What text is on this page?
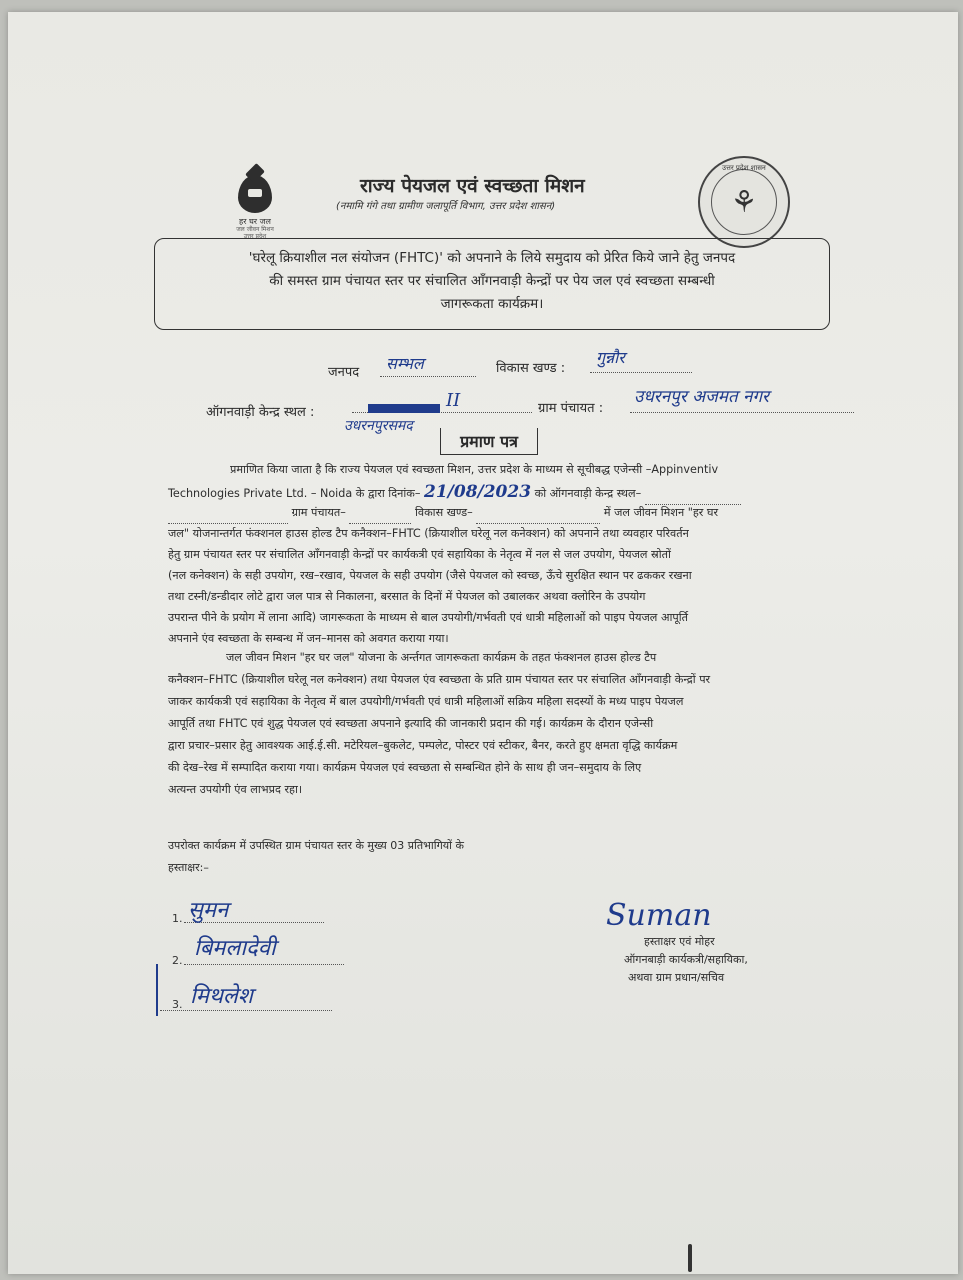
हर घर जल
जल जीवन मिशन
उत्तर प्रदेश
उत्तर प्रदेश शासन
⚘
राज्य पेयजल एवं स्वच्छता मिशन
(नमामि गंगे तथा ग्रामीण जलापूर्ति विभाग, उत्तर प्रदेश शासन)
'घरेलू क्रियाशील नल संयोजन (FHTC)' को अपनाने के लिये समुदाय को प्रेरित किये जाने हेतु जनपद
की समस्त ग्राम पंचायत स्तर पर संचालित आँगनवाड़ी केन्द्रों पर पेय जल एवं स्वच्छता सम्बन्धी
जागरूकता कार्यक्रम।
जनपद सम्भल	विकास खण्ड :
गुन्नौर
ऑगनवाड़ी केन्द्र स्थल :
II
उधरनपुरसमद
ग्राम पंचायत :
उधरनपुर अजमत नगर
प्रमाण पत्र
प्रमाणित किया जाता है कि राज्य पेयजल एवं स्वच्छता मिशन, उत्तर प्रदेश के माध्यम से सूचीबद्ध एजेन्सी –Appinventiv
Technologies Private Ltd. – Noida के द्वारा दिनांक– 21/08/2023 को ऑगनवाड़ी केन्द्र स्थल–
ग्राम पंचायत–	विकास खण्ड–	में जल जीवन मिशन "हर घर
जल" योजनान्तर्गत फंक्शनल हाउस होल्ड टैप कनैक्शन–FHTC (क्रियाशील घरेलू नल कनेक्शन) को अपनाने तथा व्यवहार परिवर्तन
हेतु ग्राम पंचायत स्तर पर संचालित आँगनवाड़ी केन्द्रों पर कार्यकत्री एवं सहायिका के नेतृत्व में नल से जल उपयोग, पेयजल स्रोतों
(नल कनेक्शन) के सही उपयोग, रख–रखाव, पेयजल के सही उपयोग (जैसे पेयजल को स्वच्छ, ऊँचे सुरक्षित स्थान पर ढककर रखना
तथा टस्नी/डन्डीदार लोटे द्वारा जल पात्र से निकालना, बरसात के दिनों में पेयजल को उबालकर अथवा क्लोरिन के उपयोग
उपरान्त पीने के प्रयोग में लाना आदि) जागरूकता के माध्यम से बाल उपयोगी/गर्भवती एवं धात्री महिलाओं को पाइप पेयजल आपूर्ति
अपनाने एंव स्वच्छता के सम्बन्ध में जन–मानस को अवगत कराया गया।
जल जीवन मिशन "हर घर जल" योजना के अर्न्तगत जागरूकता कार्यक्रम के तहत फंक्शनल हाउस होल्ड टैप
कनैक्शन–FHTC (क्रियाशील घरेलू नल कनेक्शन) तथा पेयजल एंव स्वच्छता के प्रति ग्राम पंचायत स्तर पर संचालित आँगनवाड़ी केन्द्रों पर
जाकर कार्यकत्री एवं सहायिका के नेतृत्व में बाल उपयोगी/गर्भवती एवं धात्री महिलाओं सक्रिय महिला सदस्यों के मध्य पाइप पेयजल
आपूर्ति तथा FHTC एवं शुद्ध पेयजल एवं स्वच्छता अपनाने इत्यादि की जानकारी प्रदान की गई। कार्यक्रम के दौरान एजेन्सी
द्वारा प्रचार–प्रसार हेतु आवश्यक आई.ई.सी. मटेरियल–बुकलेट, पम्पलेट, पोस्टर एवं स्टीकर, बैनर, करते हुए क्षमता वृद्धि कार्यक्रम
की देख–रेख में सम्पादित कराया गया। कार्यक्रम पेयजल एवं स्वच्छता से सम्बन्धित होने के साथ ही जन–समुदाय के लिए
अत्यन्त उपयोगी एंव लाभप्रद रहा।
उपरोक्त कार्यक्रम में उपस्थित ग्राम पंचायत स्तर के मुख्य 03 प्रतिभागियों के
हस्ताक्षर:–
1. सुमन
2. बिमलादेवी
3. मिथलेश
Suman
हस्ताक्षर एवं मोहर
ऑगनबाड़ी कार्यकत्री/सहायिका,
अथवा ग्राम प्रधान/सचिव
